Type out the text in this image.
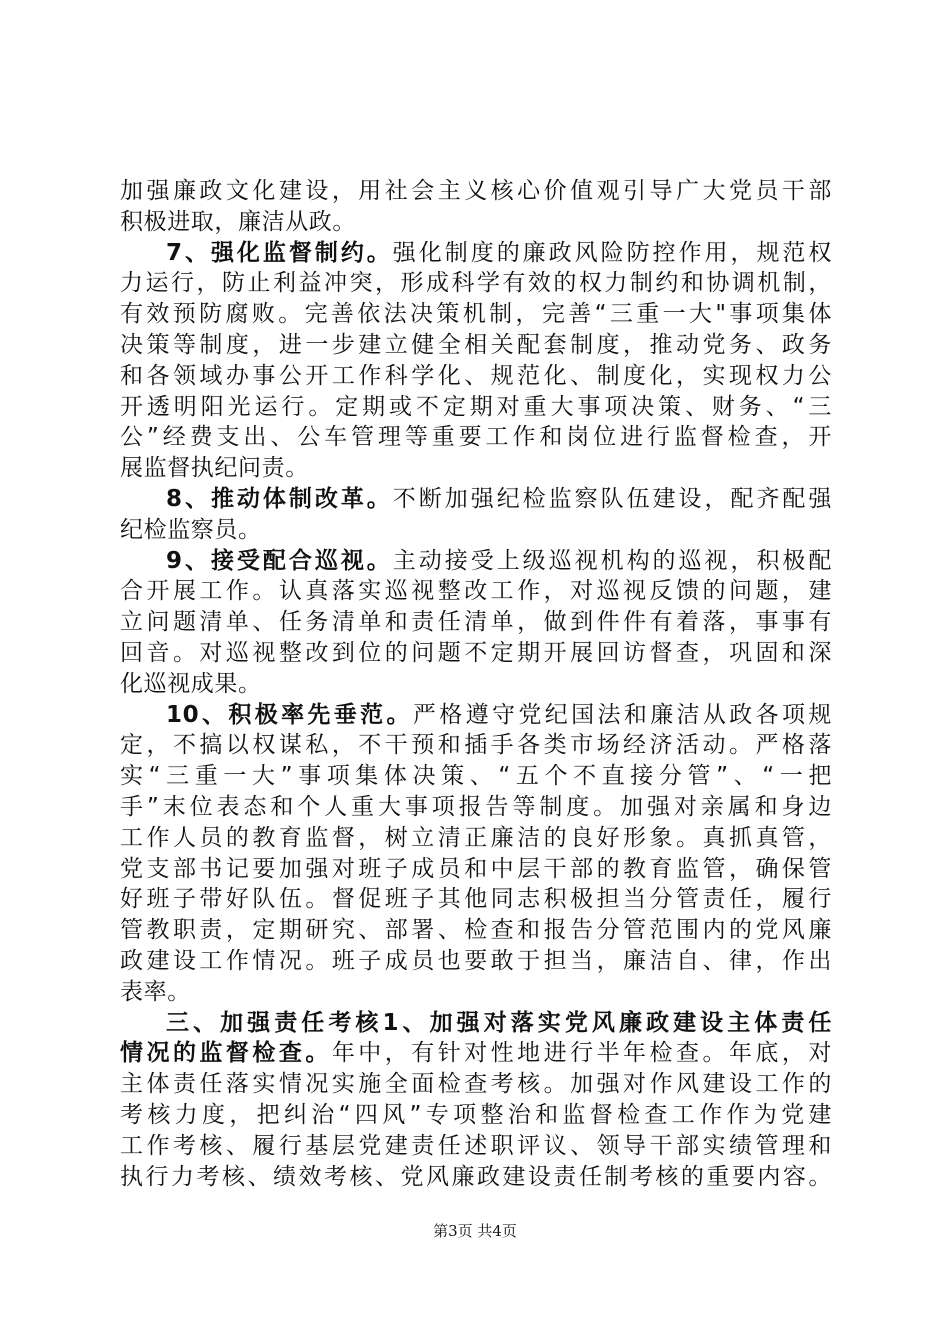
加强廉政文化建设，用社会主义核心价值观引导广大党员干部
积极进取，廉洁从政。
7、强化监督制约。强化制度的廉政风险防控作用，规范权
力运行，防止利益冲突，形成科学有效的权力制约和协调机制，
有效预防腐败。完善依法决策机制，完善“三重一大"事项集体
决策等制度，进一步建立健全相关配套制度，推动党务、政务
和各领域办事公开工作科学化、规范化、制度化，实现权力公
开透明阳光运行。定期或不定期对重大事项决策、财务、“三
公”经费支出、公车管理等重要工作和岗位进行监督检查，开
展监督执纪问责。
8、推动体制改革。不断加强纪检监察队伍建设，配齐配强
纪检监察员。
9、接受配合巡视。主动接受上级巡视机构的巡视，积极配
合开展工作。认真落实巡视整改工作，对巡视反馈的问题，建
立问题清单、任务清单和责任清单，做到件件有着落，事事有
回音。对巡视整改到位的问题不定期开展回访督查，巩固和深
化巡视成果。
10、积极率先垂范。严格遵守党纪国法和廉洁从政各项规
定，不搞以权谋私，不干预和插手各类市场经济活动。严格落
实“三重一大”事项集体决策、“五个不直接分管”、“一把
手”末位表态和个人重大事项报告等制度。加强对亲属和身边
工作人员的教育监督，树立清正廉洁的良好形象。真抓真管，
党支部书记要加强对班子成员和中层干部的教育监管，确保管
好班子带好队伍。督促班子其他同志积极担当分管责任，履行
管教职责，定期研究、部署、检查和报告分管范围内的党风廉
政建设工作情况。班子成员也要敢于担当，廉洁自、律，作出
表率。
三、加强责任考核1、加强对落实党风廉政建设主体责任
情况的监督检查。年中，有针对性地进行半年检查。年底，对
主体责任落实情况实施全面检查考核。加强对作风建设工作的
考核力度，把纠治“四风”专项整治和监督检查工作作为党建
工作考核、履行基层党建责任述职评议、领导干部实绩管理和
执行力考核、绩效考核、党风廉政建设责任制考核的重要内容。
第3页 共4页
